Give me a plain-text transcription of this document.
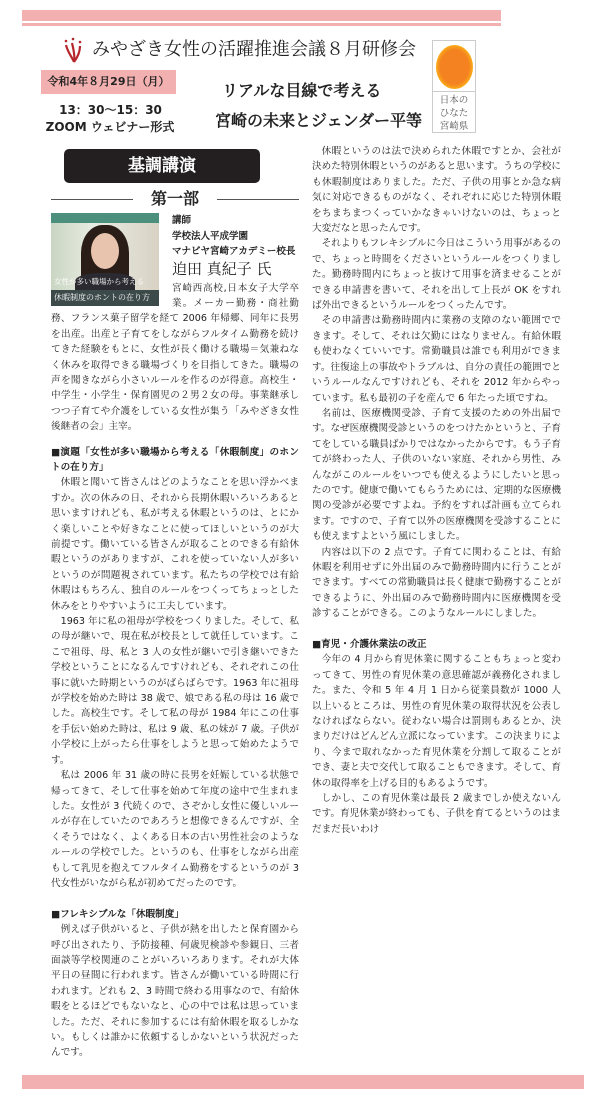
みやざき女性の活躍推進会議８月研修会
令和4年８月29日（月）
13：30〜15：30
ZOOM ウェビナー形式
リアルな目線で考える
宮崎の未来とジェンダー平等
日本の
ひなた
宮崎県
基調講演
第一部
女性が多い職場から考える
休暇制度のホントの在り方
講師
学校法人平成学園
マナビヤ宮崎アカデミー校長
迫田 真紀子 氏

宮崎西高校,日本女子大学卒業。メーカー勤務・商社勤務、フランス菓子留学を経て 2006 年帰郷、同年に長男を出産。出産と子育てをしながらフルタイム勤務を続けてきた経験をもとに、女性が長く働ける職場＝気兼ねなく休みを取得できる職場づくりを目指してきた。職場の声を聞きながら小さいルールを作るのが得意。高校生・中学生・小学生・保育園児の２男２女の母。事業継承しつつ子育てや介護をしている女性が集う「みやざき女性後継者の会」主宰。

■演題「女性が多い職場から考える「休暇制度」のホントの在り方」

休暇と聞いて皆さんはどのようなことを思い浮かべますか。次の休みの日、それから長期休暇いろいろあると思いますけれども、私が考える休暇というのは、とにかく楽しいことや好きなことに使ってほしいというのが大前提です。働いている皆さんが取ることのできる有給休暇というのがありますが、これを使っていない人が多いというのが問題視されています。私たちの学校では有給休暇はもちろん、独自のルールをつくってちょっとした休みをとりやすいように工夫しています。

1963 年に私の祖母が学校をつくりました。そして、私の母が継いで、現在私が校長として就任しています。ここで祖母、母、私と 3 人の女性が継いで引き継いできた学校ということになるんですけれども、それぞれこの仕事に就いた時期というのがばらばらです。1963 年に祖母が学校を始めた時は 38 歳で、娘である私の母は 16 歳でした。高校生です。そして私の母が 1984 年にこの仕事を手伝い始めた時は、私は 9 歳、私の妹が 7 歳。子供が小学校に上がったら仕事をしようと思って始めたようです。

私は 2006 年 31 歳の時に長男を妊娠している状態で帰ってきて、そして仕事を始めて年度の途中で生まれました。女性が 3 代続くので、さぞかし女性に優しいルールが存在していたのであろうと想像できるんですが、全くそうではなく、よくある日本の古い男性社会のようなルールの学校でした。というのも、仕事をしながら出産もして乳児を抱えてフルタイム勤務をするというのが 3 代女性がいながら私が初めてだったのです。

■フレキシブルな「休暇制度」

例えば子供がいると、子供が熱を出したと保育園から呼び出されたり、予防接種、何歳児検診や参観日、三者面談等学校関連のことがいろいろあります。それが大体平日の昼間に行われます。皆さんが働いている時間に行われます。どれも 2、3 時間で終わる用事なので、有給休暇をとるほどでもないなと、心の中では私は思っていました。ただ、それに参加するには有給休暇を取るしかない。もしくは誰かに依頼するしかないという状況だったんです。

休暇というのは法で決められた休暇ですとか、会社が決めた特別休暇というのがあると思います。うちの学校にも休暇制度はありました。ただ、子供の用事とか急な病気に対応できるものがなく、それぞれに応じた特別休暇をちまちまつくっていかなきゃいけないのは、ちょっと大変だなと思ったんです。

それよりもフレキシブルに今日はこういう用事があるので、ちょっと時間をくださいというルールをつくりました。勤務時間内にちょっと抜けて用事を済ませることができる申請書を書いて、それを出して上長が OK をすれば外出できるというルールをつくったんです。

その申請書は勤務時間内に業務の支障のない範囲でできます。そして、それは欠勤にはなりません。有給休暇も使わなくていいです。常勤職員は誰でも利用ができます。往復途上の事故やトラブルは、自分の責任の範囲でというルールなんですけれども、それを 2012 年からやっています。私も最初の子を産んで 6 年たった頃ですね。

名前は、医療機関受診、子育て支援のための外出届です。なぜ医療機関受診というのをつけたかというと、子育てをしている職員ばかりではなかったからです。もう子育てが終わった人、子供のいない家庭、それから男性、みんながこのルールをいつでも使えるようにしたいと思ったのです。健康で働いてもらうためには、定期的な医療機関の受診が必要ですよね。予約をすれば計画も立てられます。ですので、子育て以外の医療機関を受診することにも使えますよという風にしました。

内容は以下の 2 点です。子育てに関わることは、有給休暇を利用せずに外出届のみで勤務時間内に行うことができます。すべての常勤職員は長く健康で勤務することができるように、外出届のみで勤務時間内に医療機関を受診することができる。このようなルールにしました。

■育児・介護休業法の改正

今年の 4 月から育児休業に関することもちょっと変わってきて、男性の育児休業の意思確認が義務化されました。また、令和 5 年 4 月 1 日から従業員数が 1000 人以上いるところは、男性の育児休業の取得状況を公表しなければならない。従わない場合は罰則もあるとか、決まりだけはどんどん立派になっています。この決まりにより、今まで取れなかった育児休業を分割して取ることができ、妻と夫で交代して取ることもできます。そして、育休の取得率を上げる目的もあるようです。

しかし、この育児休業は最長 2 歳までしか使えないんです。育児休業が終わっても、子供を育てるというのはまだまだ長いわけ
